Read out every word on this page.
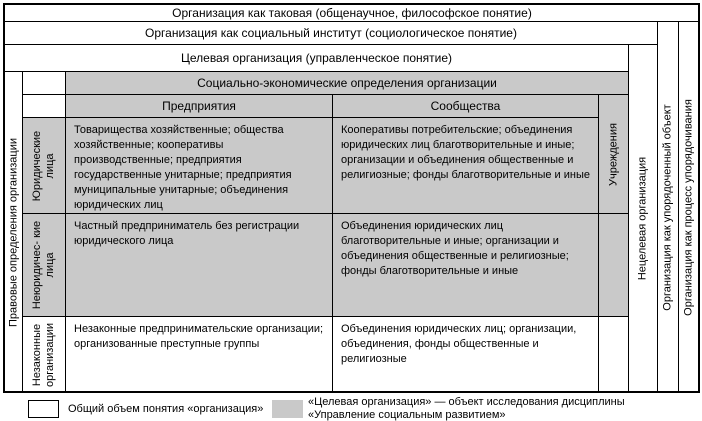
Организация как таковая (общенаучное, философское понятие)
Организация как социальный институт (социологическое понятие)
Целевая организация (управленческое понятие)
Организация как процесс упорядочивания
Организация как упорядоченный объект
Нецелевая организация
Правовые определения организации
Социально-экономические определения организации
Предприятия	Сообщества
Учреждения
Юридические лица
Неюридичес- кие лица
Незаконные организации
Товарищества хозяйственные; общества хозяйственные; кооперативы производственные; предприятия государственные унитарные; предприятия муниципальные унитарные; объединения юридических лиц
Кооперативы потребительские; объединения юридических лиц благотворительные и иные; организации и объединения общественные и религиозные; фонды благотворительные и иные
Частный предприниматель без регистрации юридического лица
Объединения юридических лиц благотворительные и иные; организации и объединения общественные и религиозные; фонды благотворительные и иные
Незаконные предпринимательские организации; организованные преступные группы
Объединения юридических лиц; организации, объединения, фонды общественные и религиозные
Общий объем понятия «организация»
«Целевая организация» — объект исследования дисциплины «Управление социальным развитием»
